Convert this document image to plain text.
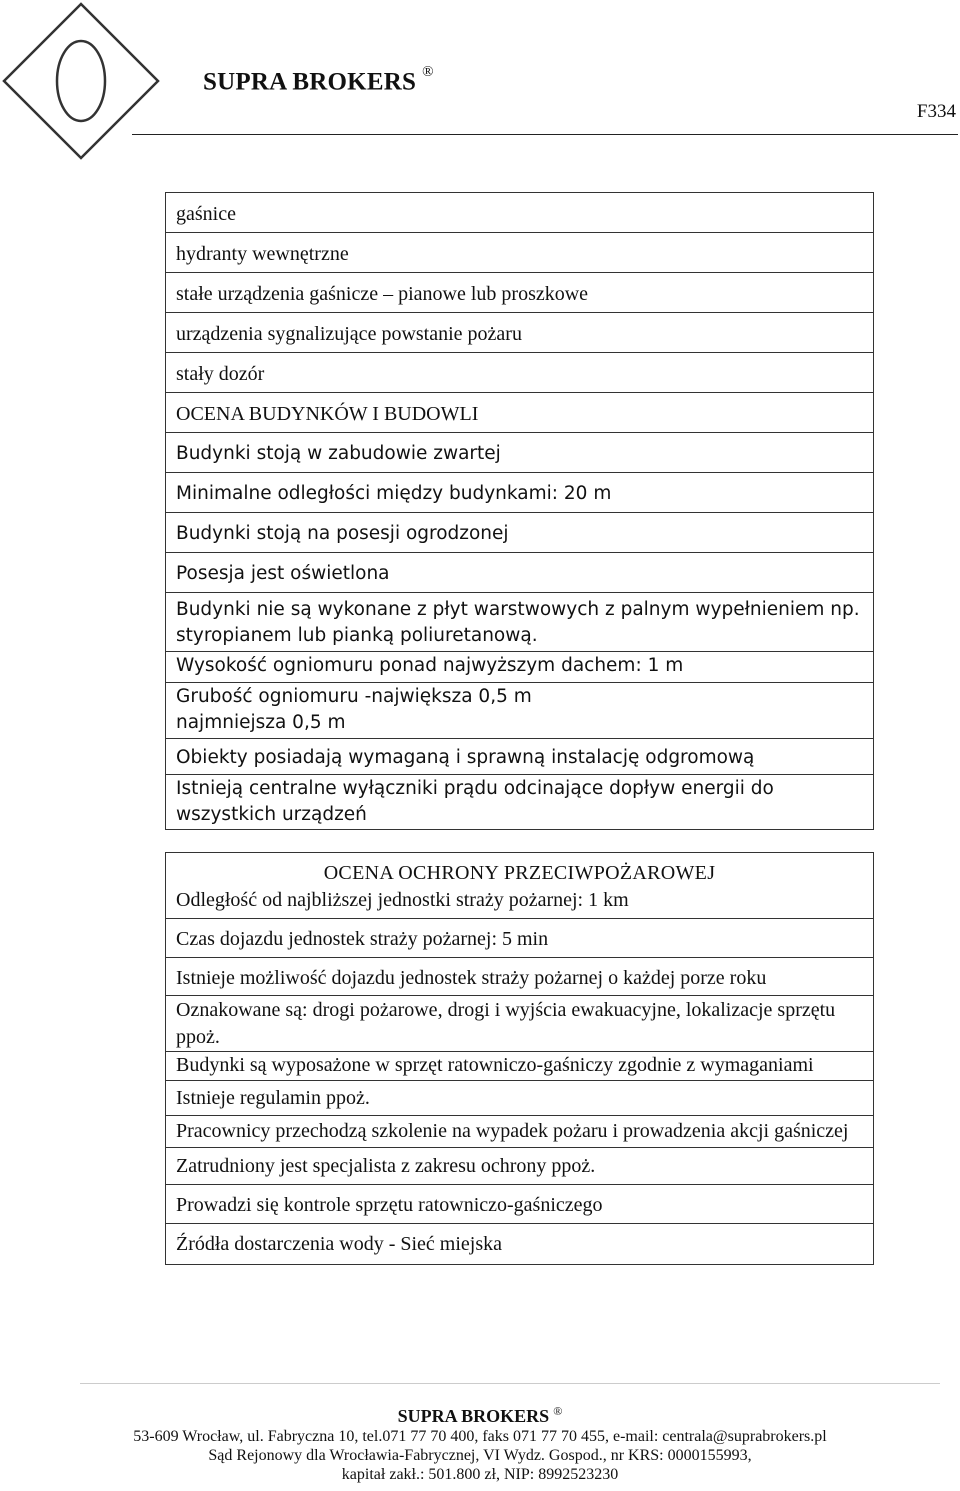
SUPRA BROKERS ®
F334
gaśnice
hydranty wewnętrzne
stałe urządzenia gaśnicze – pianowe lub proszkowe
urządzenia sygnalizujące powstanie pożaru
stały dozór
OCENA BUDYNKÓW I BUDOWLI
Budynki stoją w zabudowie zwartej
Minimalne odległości między budynkami: 20 m
Budynki stoją na posesji ogrodzonej
Posesja jest oświetlona
Budynki nie są wykonane z płyt warstwowych z palnym wypełnieniem np. styropianem lub pianką poliuretanową.
Wysokość ogniomuru ponad najwyższym dachem: 1 m

Grubość ogniomuru -największa 0,5 m
najmniejsza 0,5 m

Obiekty posiadają wymaganą i sprawną instalację odgromową
Istnieją centralne wyłączniki prądu odcinające dopływ energii do wszystkich urządzeń
OCENA OCHRONY PRZECIWPOŻAROWEJ
Odległość od najbliższej jednostki straży pożarnej: 1 km
Czas dojazdu jednostek straży pożarnej: 5 min
Istnieje możliwość dojazdu jednostek straży pożarnej o każdej porze roku
Oznakowane są: drogi pożarowe, drogi i wyjścia ewakuacyjne, lokalizacje sprzętu ppoż.
Budynki są wyposażone w sprzęt ratowniczo-gaśniczy zgodnie z wymaganiami
Istnieje regulamin ppoż.
Pracownicy przechodzą szkolenie na wypadek pożaru i prowadzenia akcji gaśniczej
Zatrudniony jest specjalista z zakresu ochrony ppoż.
Prowadzi się kontrole sprzętu ratowniczo-gaśniczego
Źródła dostarczenia wody - Sieć miejska
SUPRA BROKERS ®
53-609 Wrocław, ul. Fabryczna 10, tel.071 77 70 400, faks 071 77 70 455, e-mail: centrala@suprabrokers.pl
Sąd Rejonowy dla Wrocławia-Fabrycznej, VI Wydz. Gospod., nr KRS: 0000155993,
kapitał zakł.: 501.800 zł, NIP: 8992523230
